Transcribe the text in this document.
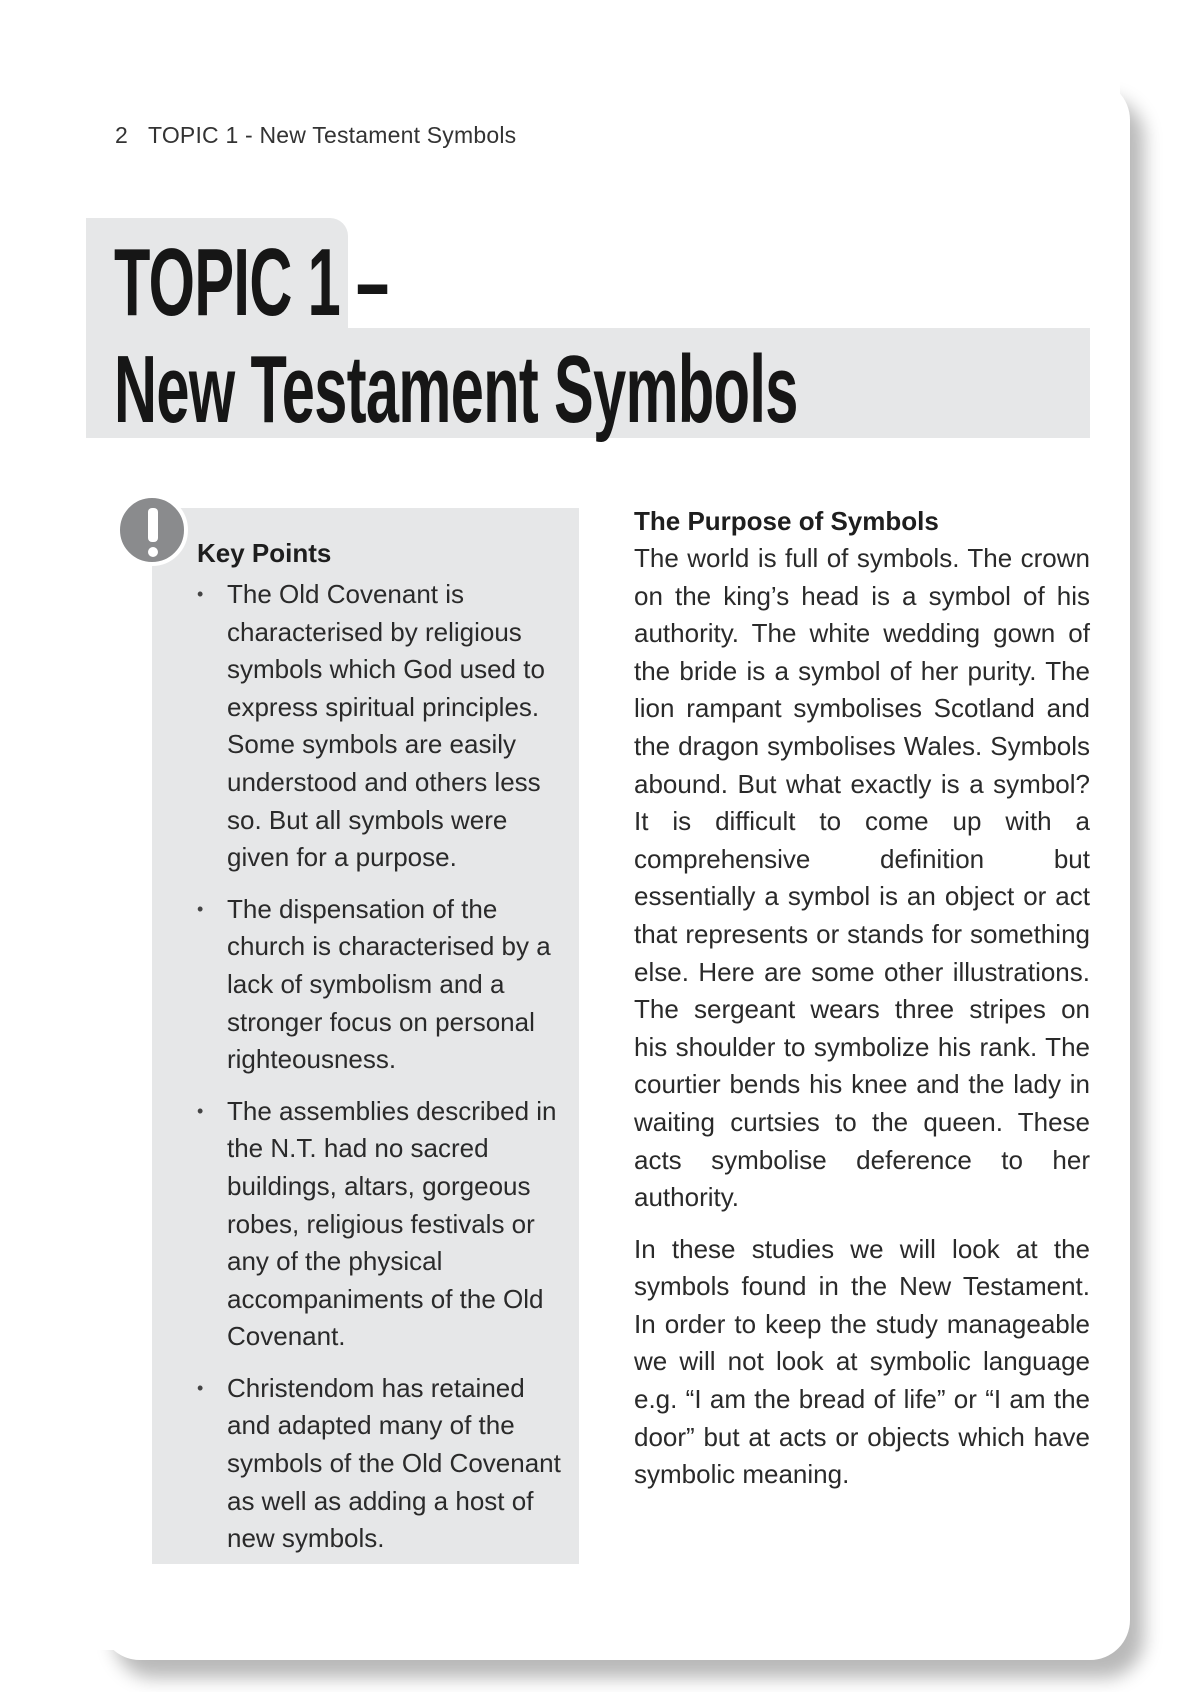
2 TOPIC 1 - New Testament Symbols
TOPIC 1 –
New Testament Symbols
Key Points
• The Old Covenant is characterised by religious symbols which God used to express spiritual principles. Some symbols are easily understood and others less so. But all symbols were given for a purpose.
• The dispensation of the church is characterised by a lack of symbolism and a stronger focus on personal righteousness.
• The assemblies described in the N.T. had no sacred buildings, altars, gorgeous robes, religious festivals or any of the physical accompaniments of the Old Covenant.
• Christendom has retained and adapted many of the symbols of the Old Covenant as well as adding a host of new symbols.
The Purpose of Symbols

The world is full of symbols. The crown on the king’s head is a symbol of his authority. The white wedding gown of the bride is a symbol of her purity. The lion rampant symbolises Scotland and the dragon symbolises Wales. Symbols abound. But what exactly is a symbol? It is difficult to come up with a comprehensive definition but essentially a symbol is an object or act that represents or stands for something else. Here are some other illustrations. The sergeant wears three stripes on his shoulder to symbolize his rank. The courtier bends his knee and the lady in waiting curtsies to the queen. These acts symbolise deference to her authority.

In these studies we will look at the symbols found in the New Testament. In order to keep the study manageable we will not look at symbolic language e.g. “I am the bread of life” or “I am the door” but at acts or objects which have symbolic meaning.
